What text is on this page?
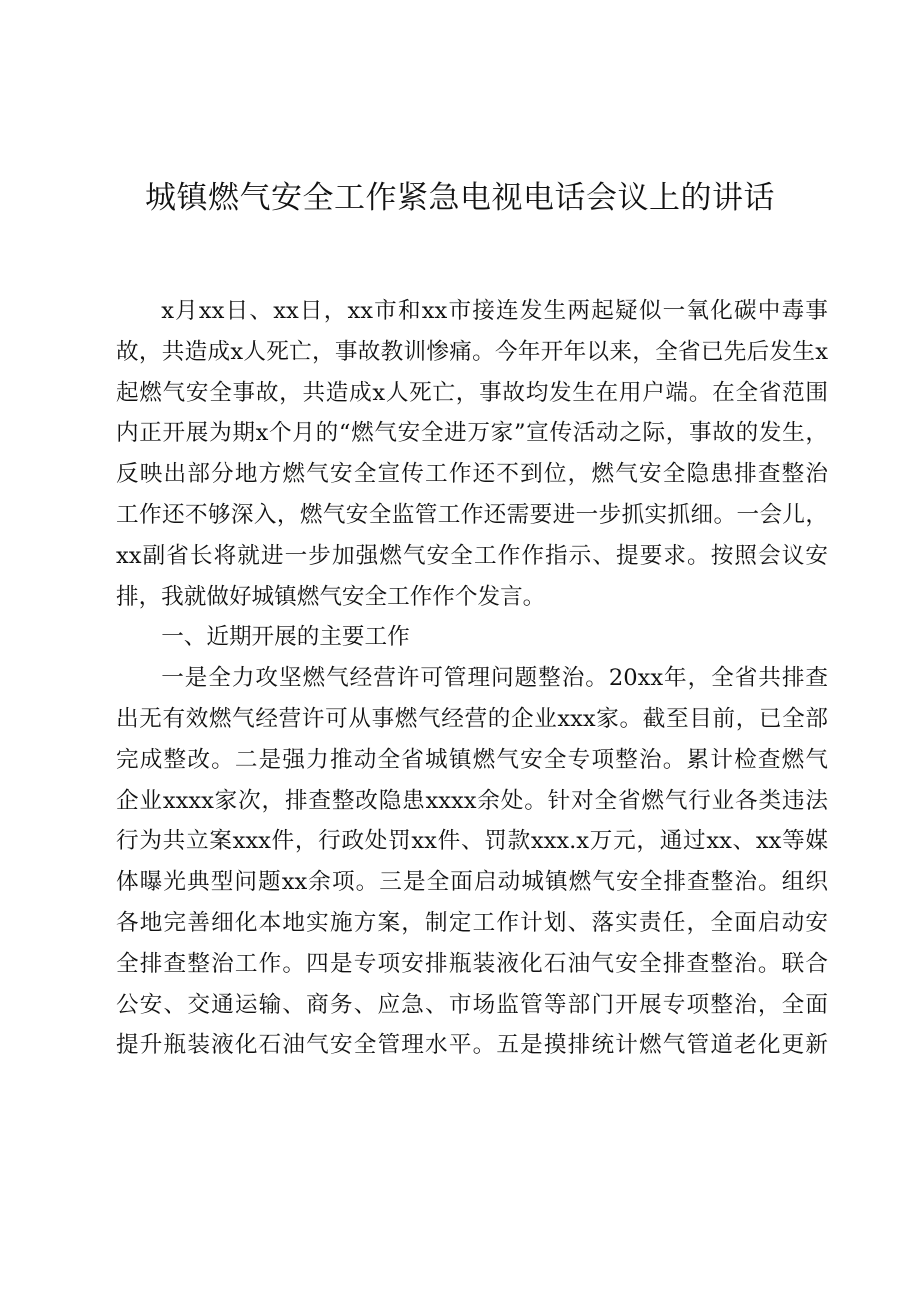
城镇燃气安全工作紧急电视电话会议上的讲话
x月xx日、xx日，xx市和xx市接连发生两起疑似一氧化碳中毒事
故，共造成x人死亡，事故教训惨痛。今年开年以来，全省已先后发生x
起燃气安全事故，共造成x人死亡，事故均发生在用户端。在全省范围
内正开展为期x个月的“燃气安全进万家”宣传活动之际，事故的发生，
反映出部分地方燃气安全宣传工作还不到位，燃气安全隐患排查整治
工作还不够深入，燃气安全监管工作还需要进一步抓实抓细。一会儿，
xx副省长将就进一步加强燃气安全工作作指示、提要求。按照会议安
排，我就做好城镇燃气安全工作作个发言。
一、近期开展的主要工作
一是全力攻坚燃气经营许可管理问题整治。20xx年，全省共排查
出无有效燃气经营许可从事燃气经营的企业xxx家。截至目前，已全部
完成整改。二是强力推动全省城镇燃气安全专项整治。累计检查燃气
企业xxxx家次，排查整改隐患xxxx余处。针对全省燃气行业各类违法
行为共立案xxx件，行政处罚xx件、罚款xxx.x万元，通过xx、xx等媒
体曝光典型问题xx余项。三是全面启动城镇燃气安全排查整治。组织
各地完善细化本地实施方案，制定工作计划、落实责任，全面启动安
全排查整治工作。四是专项安排瓶装液化石油气安全排查整治。联合
公安、交通运输、商务、应急、市场监管等部门开展专项整治，全面
提升瓶装液化石油气安全管理水平。五是摸排统计燃气管道老化更新
